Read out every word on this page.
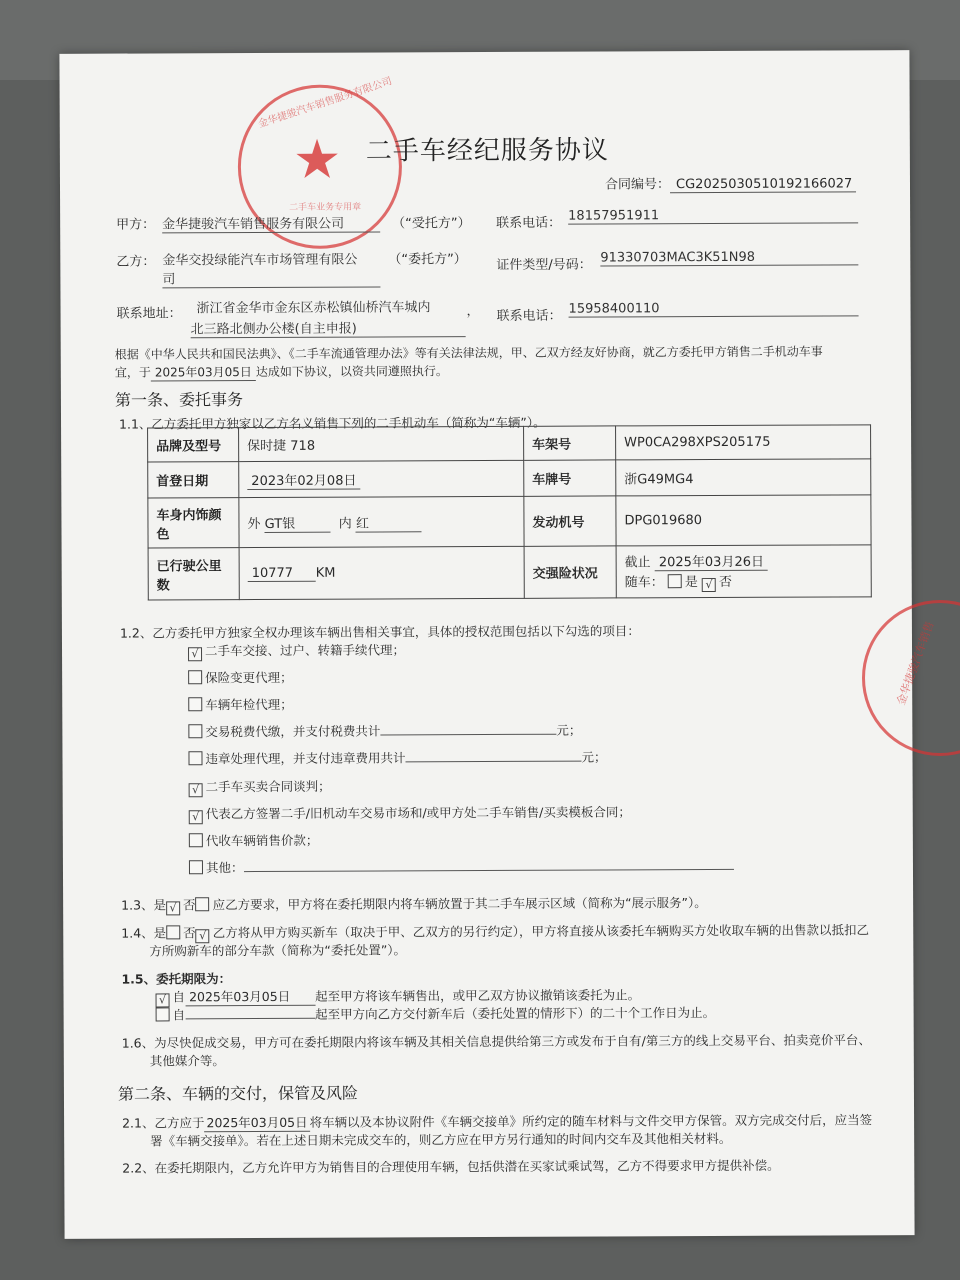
★
金华捷骏汽车销售服务有限公司
二手车业务专用章
二手车经纪服务协议
合同编号： CG2025030510192166027
甲方： 金华捷骏汽车销售服务有限公司	（“受托方”） 联系电话： 18157951911
乙方： 金华交投绿能汽车市场管理有限公
司
（“委托方”） 证件类型/号码： 91330703MAC3K51N98
联系地址： 浙江省金华市金东区赤松镇仙桥汽车城内
北三路北侧办公楼(自主申报)
， 联系电话： 15958400110
根据《中华人民共和国民法典》、《二手车流通管理办法》等有关法律法规，甲、乙双方经友好协商，就乙方委托甲方销售二手机动车事
宜，于 2025年03月05日 达成如下协议，以资共同遵照执行。
第一条、委托事务
1.1、乙方委托甲方独家以乙方名义销售下列的二手机动车（简称为“车辆”）。
品牌及型号	保时捷 718	车架号	WP0CA298XPS205175
首登日期	2023年02月08日	车牌号	浙G49MG4
车身内饰颜色	外 GT银 内 红	发动机号	DPG019680
已行驶公里数	10777 KM	交强险状况	截止 2025年03月26日
随车： 是 √ 否
1.2、乙方委托甲方独家全权办理该车辆出售相关事宜，具体的授权范围包括以下勾选的项目：
√ 二手车交接、过户、转籍手续代理；
保险变更代理；
车辆年检代理；
交易税费代缴，并支付税费共计	元；
违章处理代理，并支付违章费用共计	元；
√ 二手车买卖合同谈判；
√ 代表乙方签署二手/旧机动车交易市场和/或甲方处二手车销售/买卖模板合同；
代收车辆销售价款；
其他：
1.3、是 √ 否 应乙方要求，甲方将在委托期限内将车辆放置于其二手车展示区域（简称为“展示服务”）。
1.4、是 否 √ 乙方将从甲方购买新车（取决于甲、乙双方的另行约定），甲方将直接从该委托车辆购买方处收取车辆的出售款以抵扣乙
方所购新车的部分车款（简称为“委托处置”）。
1.5、委托期限为：
√ 自 2025年03月05日 起至甲方将该车辆售出，或甲乙双方协议撤销该委托为止。
自	起至甲方向乙方交付新车后（委托处置的情形下）的二十个工作日为止。
1.6、为尽快促成交易，甲方可在委托期限内将该车辆及其相关信息提供给第三方或发布于自有/第三方的线上交易平台、拍卖竞价平台、
其他媒介等。
第二条、车辆的交付，保管及风险
2.1、乙方应于 2025年03月05日 将车辆以及本协议附件《车辆交接单》所约定的随车材料与文件交甲方保管。双方完成交付后，应当签
署《车辆交接单》。若在上述日期未完成交车的，则乙方应在甲方另行通知的时间内交车及其他相关材料。
2.2、在委托期限内，乙方允许甲方为销售目的合理使用车辆，包括供潜在买家试乘试驾，乙方不得要求甲方提供补偿。
金华捷骏汽车销售
